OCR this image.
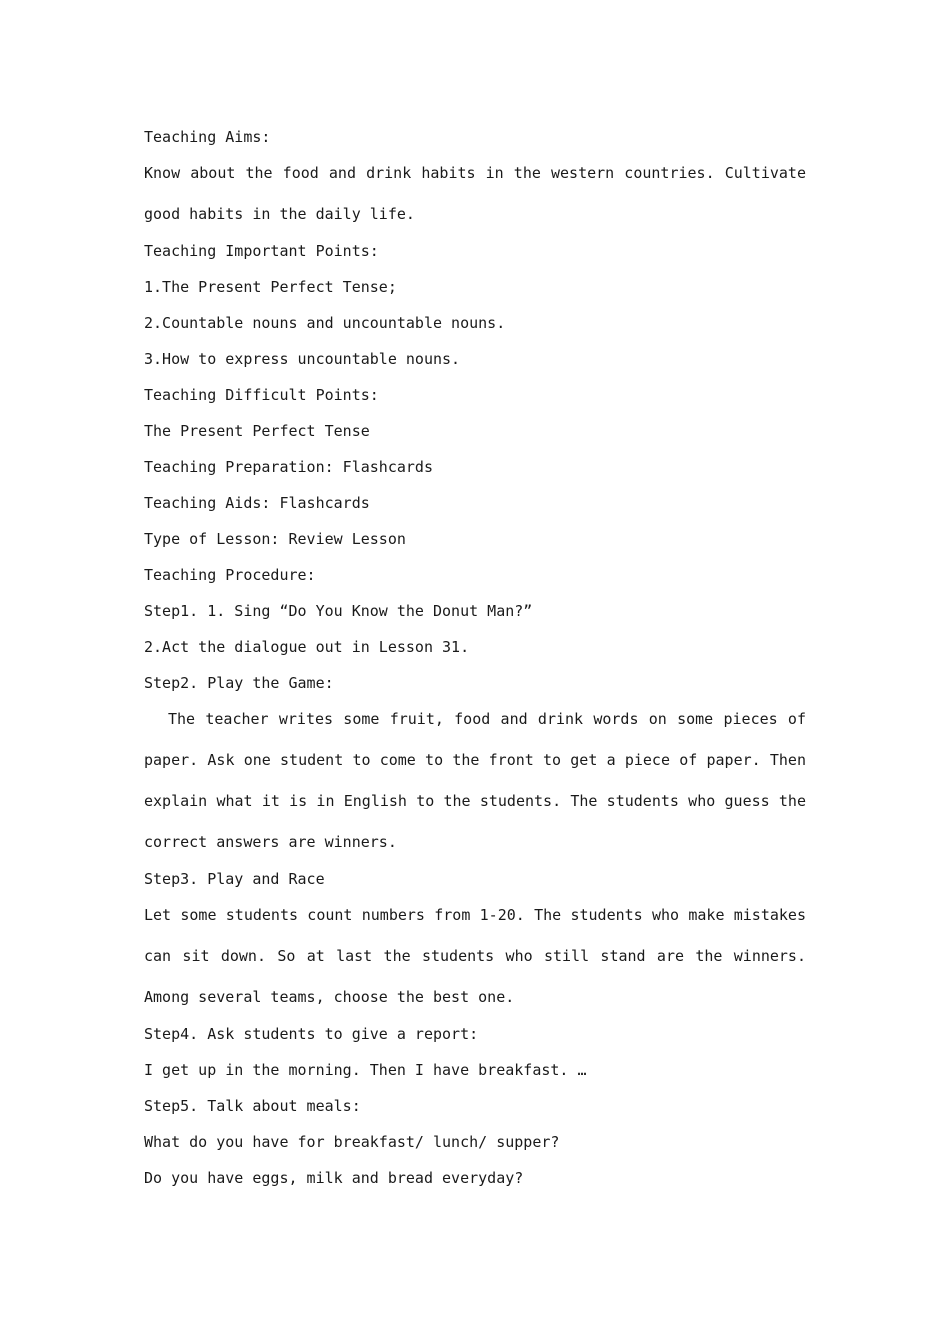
Teaching Aims:
Know about the food and drink habits in the western countries. Cultivate good habits in the daily life.
Teaching Important Points:
1.The Present Perfect Tense;
2.Countable nouns and uncountable nouns.
3.How to express uncountable nouns.
Teaching Difficult Points:
The Present Perfect Tense
Teaching Preparation: Flashcards
Teaching Aids: Flashcards
Type of Lesson: Review Lesson
Teaching Procedure:
Step1. 1. Sing “Do You Know the Donut Man?”
2.Act the dialogue out in Lesson 31.
Step2. Play the Game:
The teacher writes some fruit, food and drink words on some pieces of paper. Ask one student to come to the front to get a piece of paper. Then explain what it is in English to the students. The students who guess the correct answers are winners.
Step3. Play and Race
Let some students count numbers from 1-20. The students who make mistakes can sit down. So at last the students who still stand are the winners. Among several teams, choose the best one.
Step4. Ask students to give a report:
I get up in the morning. Then I have breakfast. …
Step5. Talk about meals:
What do you have for breakfast/ lunch/ supper?
Do you have eggs, milk and bread everyday?
